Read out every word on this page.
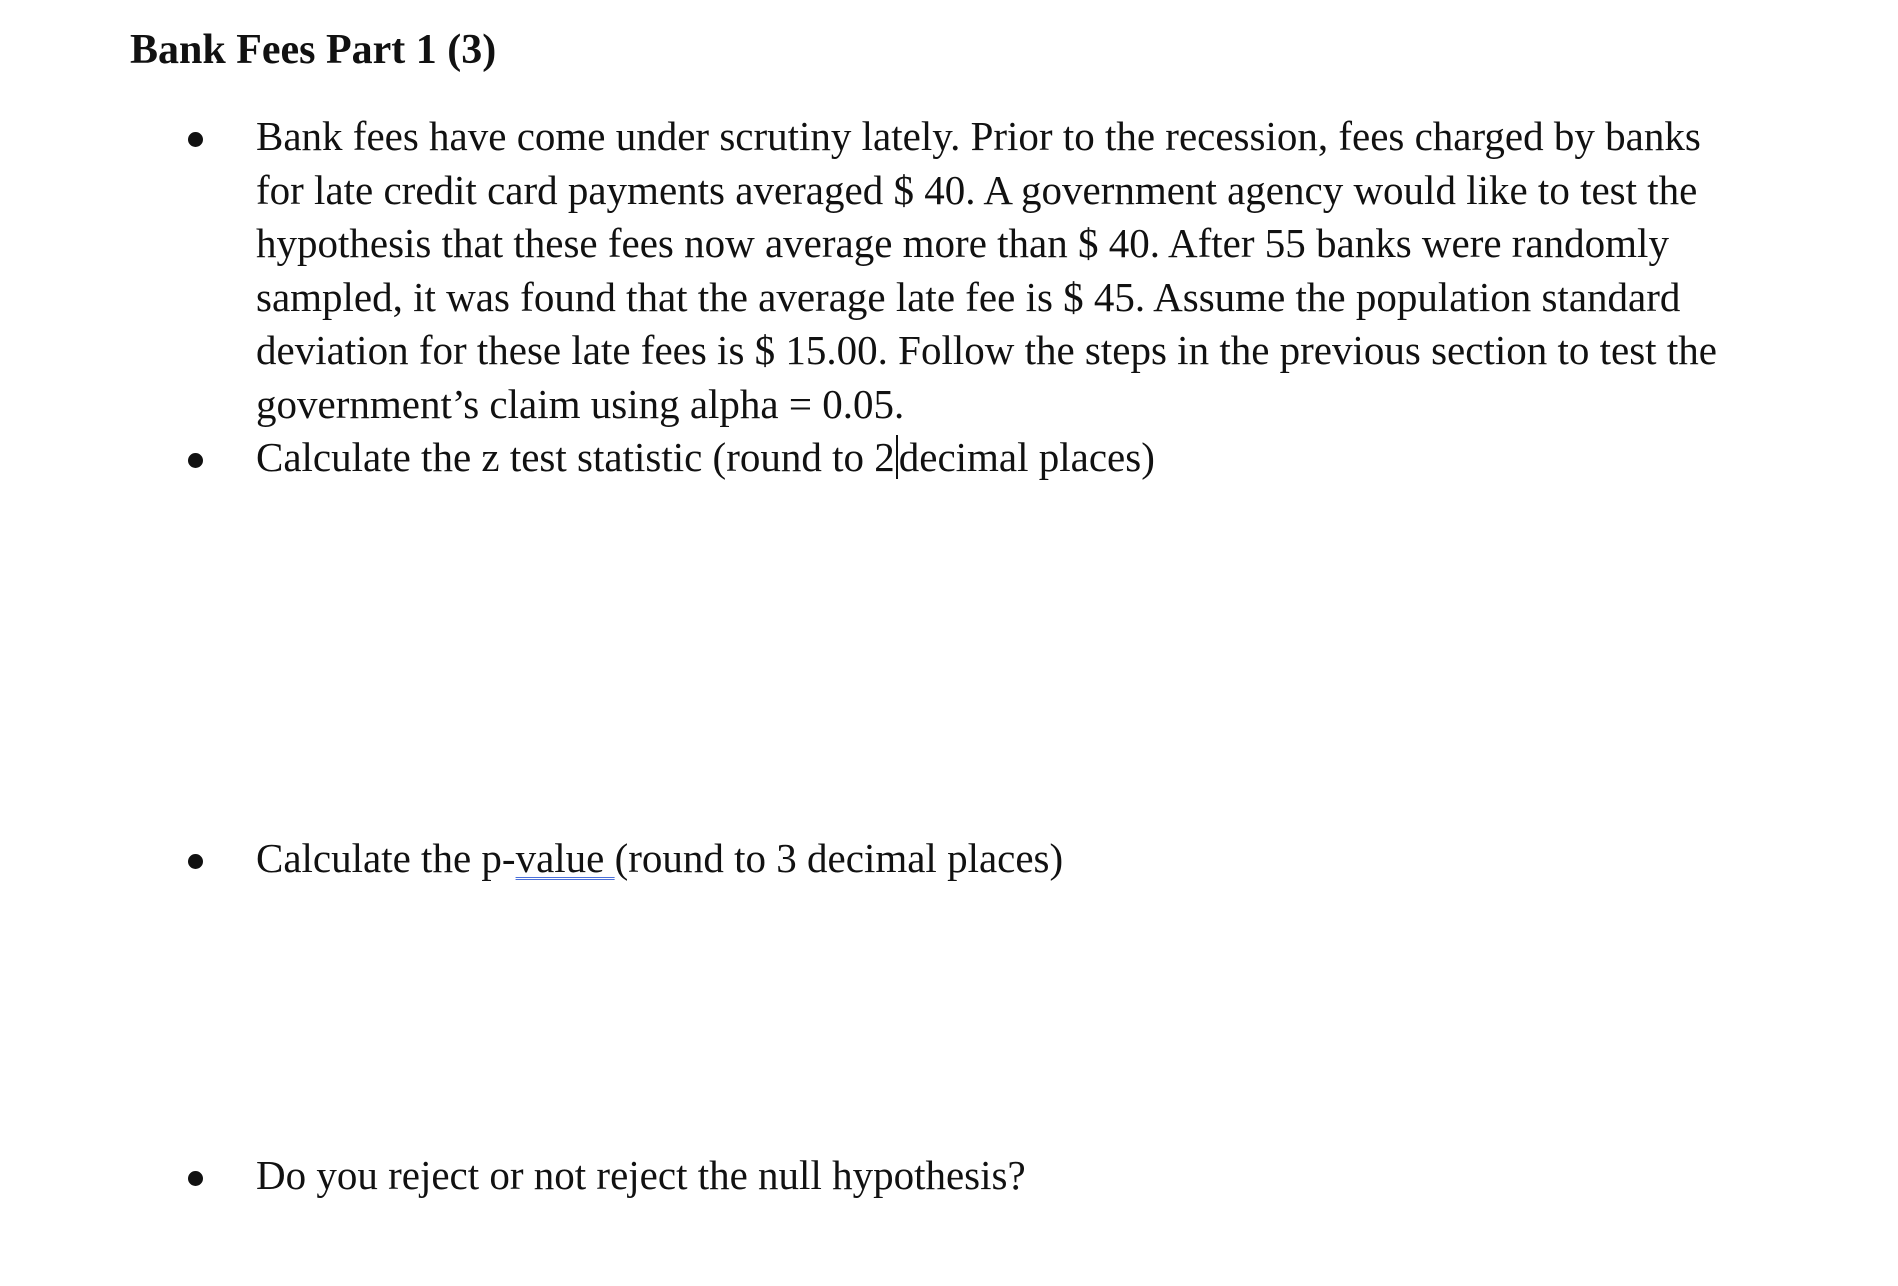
Bank Fees Part 1 (3)
Bank fees have come under scrutiny lately. Prior to the recession, fees charged by banks
for late credit card payments averaged $ 40. A government agency would like to test the
hypothesis that these fees now average more than $ 40. After 55 banks were randomly
sampled, it was found that the average late fee is $ 45. Assume the population standard
deviation for these late fees is $ 15.00. Follow the steps in the previous section to test the
government’s claim using alpha = 0.05.
Calculate the z test statistic (round to 2decimal places)
Calculate the p-value (round to 3 decimal places)
Do you reject or not reject the null hypothesis?
